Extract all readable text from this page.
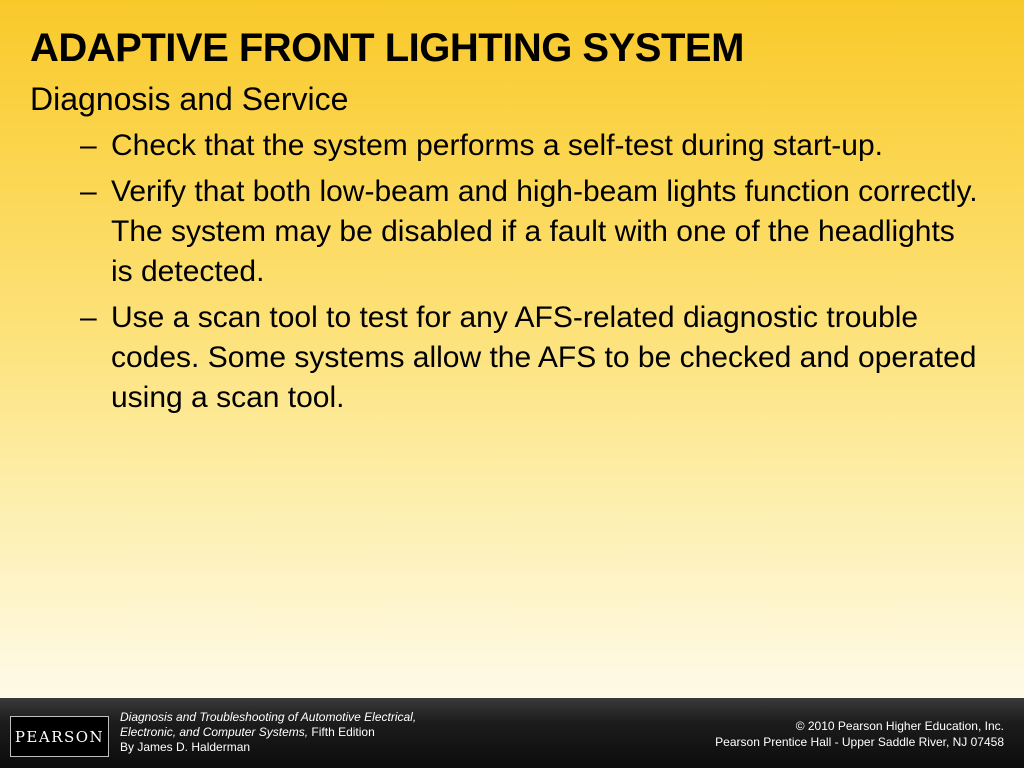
ADAPTIVE FRONT LIGHTING SYSTEM
Diagnosis and Service
– Check that the system performs a self-test during start-up.
– Verify that both low-beam and high-beam lights function correctly. The system may be disabled if a fault with one of the headlights is detected.
– Use a scan tool to test for any AFS-related diagnostic trouble codes. Some systems allow the AFS to be checked and operated using a scan tool.
PEARSON
Diagnosis and Troubleshooting of Automotive Electrical,
Electronic, and Computer Systems, Fifth Edition
By James D. Halderman
© 2010 Pearson Higher Education, Inc.
Pearson Prentice Hall - Upper Saddle River, NJ 07458
